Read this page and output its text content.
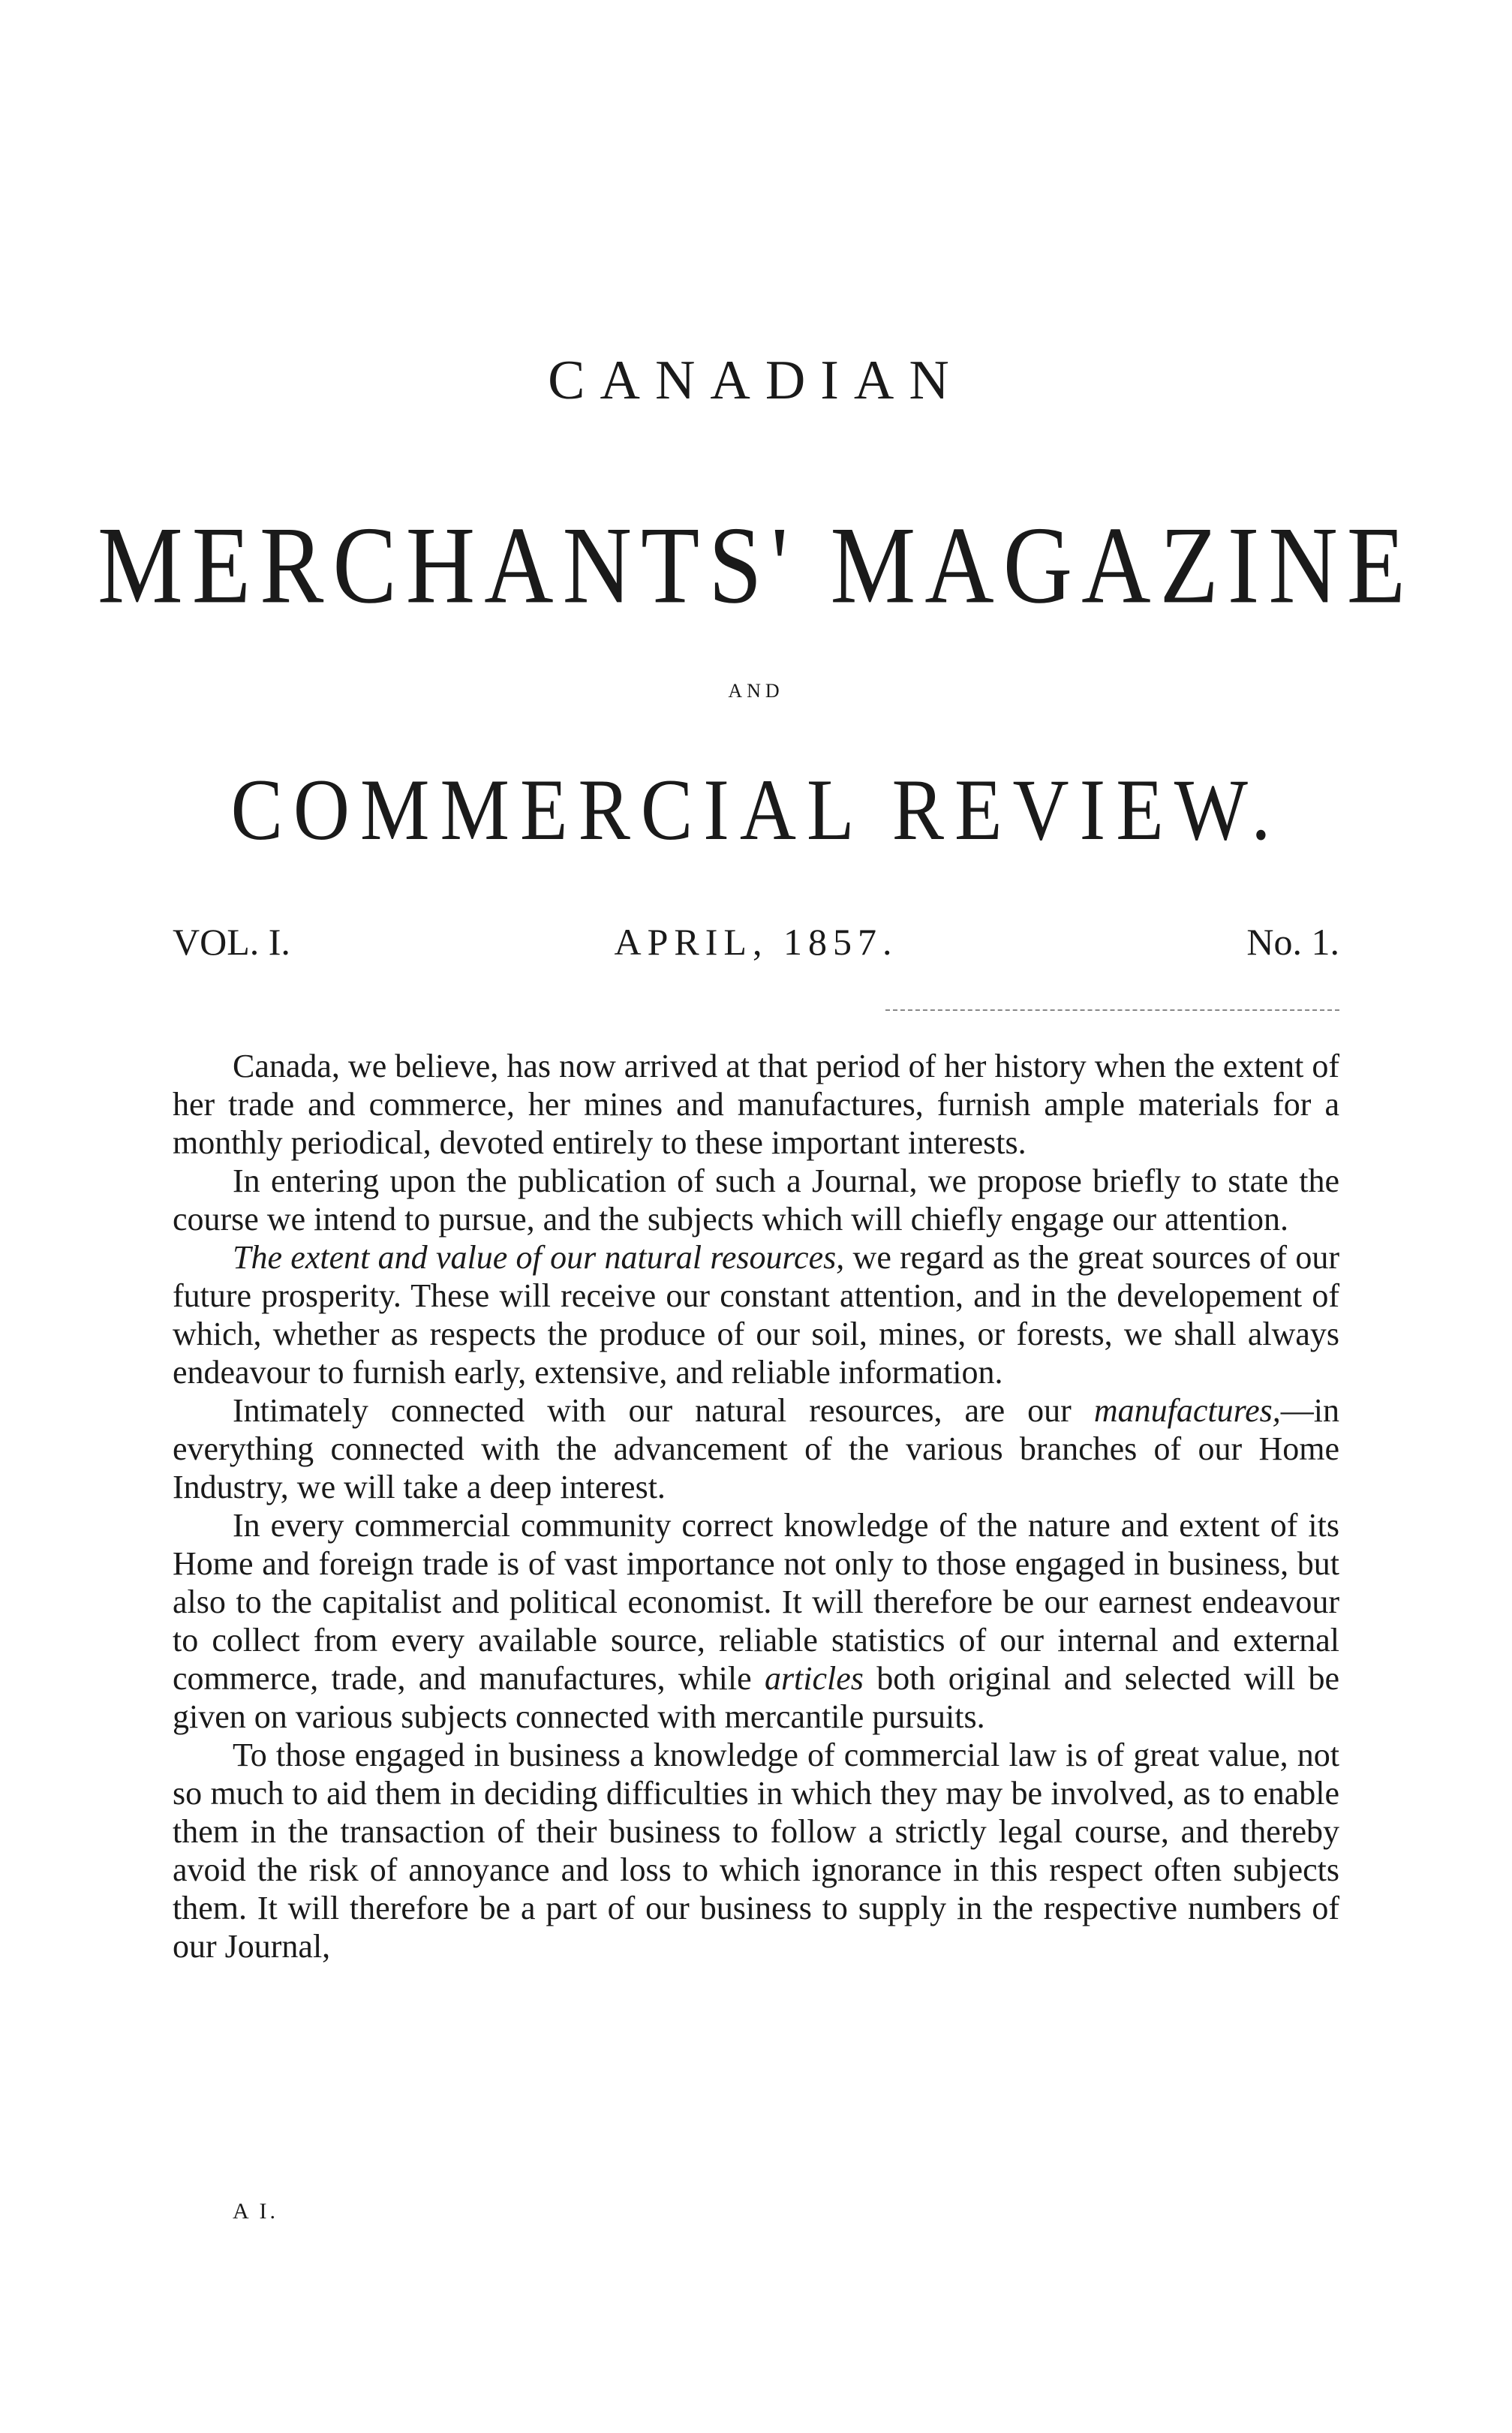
CANADIAN
MERCHANTS' MAGAZINE
AND
COMMERCIAL REVIEW.
VOL. I.	APRIL, 1857.	No. 1.

Canada, we believe, has now arrived at that period of her history when the extent of her trade and commerce, her mines and manufactures, furnish ample materials for a monthly periodical, devoted entirely to these important interests.

In entering upon the publication of such a Journal, we propose briefly to state the course we intend to pursue, and the subjects which will chiefly engage our attention.

The extent and value of our natural resources, we regard as the great sources of our future prosperity. These will receive our constant attention, and in the developement of which, whether as respects the produce of our soil, mines, or forests, we shall always endeavour to furnish early, extensive, and reliable information.

Intimately connected with our natural resources, are our manufactures,—in everything connected with the advancement of the various branches of our Home Industry, we will take a deep interest.

In every commercial community correct knowledge of the nature and extent of its Home and foreign trade is of vast importance not only to those engaged in business, but also to the capitalist and political economist. It will therefore be our earnest endeavour to collect from every available source, reliable statistics of our internal and external commerce, trade, and manufactures, while articles both original and selected will be given on various subjects connected with mercantile pursuits.

To those engaged in business a knowledge of commercial law is of great value, not so much to aid them in deciding difficulties in which they may be involved, as to enable them in the transaction of their business to follow a strictly legal course, and thereby avoid the risk of annoyance and loss to which ignorance in this respect often subjects them. It will therefore be a part of our business to supply in the respective numbers of our Journal,

A I.
